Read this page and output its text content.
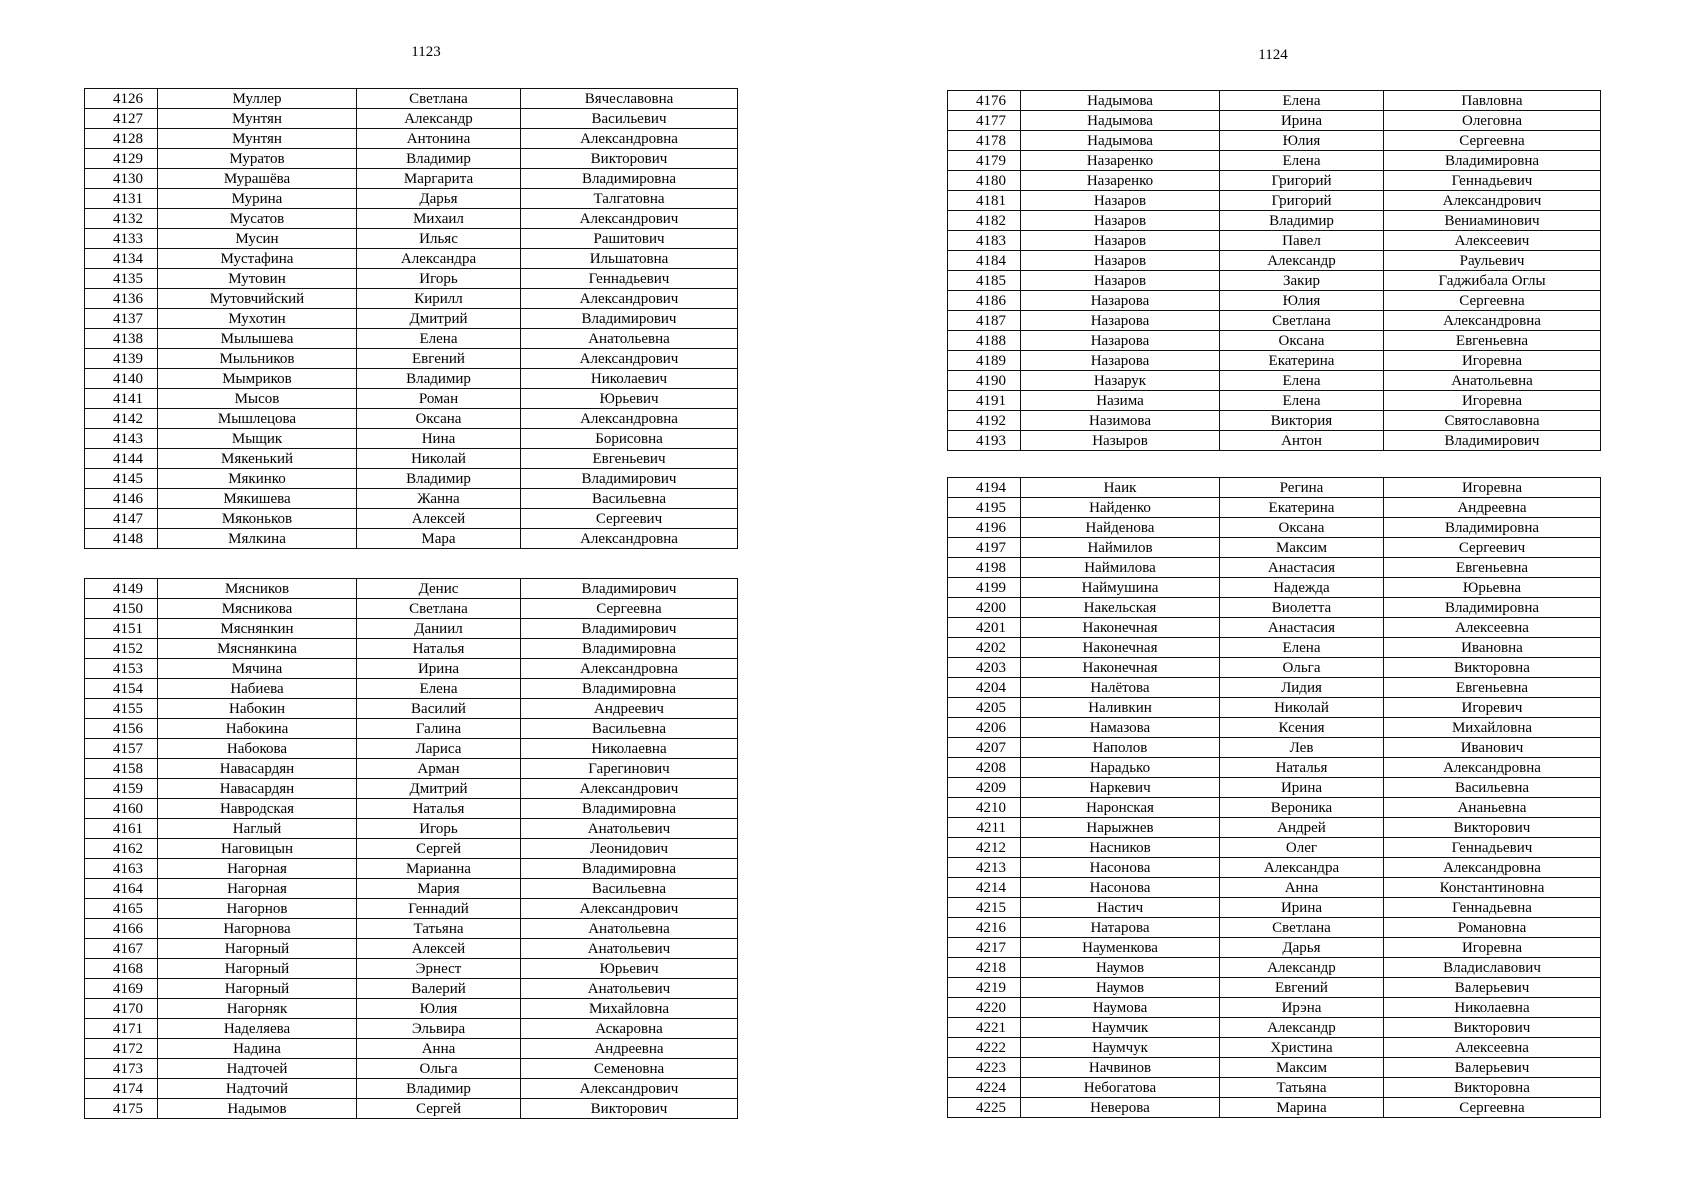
1123
4126	Муллер	Светлана	Вячеславовна
4127	Мунтян	Александр	Васильевич
4128	Мунтян	Антонина	Александровна
4129	Муратов	Владимир	Викторович
4130	Мурашёва	Маргарита	Владимировна
4131	Мурина	Дарья	Талгатовна
4132	Мусатов	Михаил	Александрович
4133	Мусин	Ильяс	Рашитович
4134	Мустафина	Александра	Ильшатовна
4135	Мутовин	Игорь	Геннадьевич
4136	Мутовчийский	Кирилл	Александрович
4137	Мухотин	Дмитрий	Владимирович
4138	Мылышева	Елена	Анатольевна
4139	Мыльников	Евгений	Александрович
4140	Мымриков	Владимир	Николаевич
4141	Мысов	Роман	Юрьевич
4142	Мышлецова	Оксана	Александровна
4143	Мыщик	Нина	Борисовна
4144	Мякенький	Николай	Евгеньевич
4145	Мякинко	Владимир	Владимирович
4146	Мякишева	Жанна	Васильевна
4147	Мяконьков	Алексей	Сергеевич
4148	Мялкина	Мара	Александровна
4149	Мясников	Денис	Владимирович
4150	Мясникова	Светлана	Сергеевна
4151	Мяснянкин	Даниил	Владимирович
4152	Мяснянкина	Наталья	Владимировна
4153	Мячина	Ирина	Александровна
4154	Набиева	Елена	Владимировна
4155	Набокин	Василий	Андреевич
4156	Набокина	Галина	Васильевна
4157	Набокова	Лариса	Николаевна
4158	Навасардян	Арман	Гарегинович
4159	Навасардян	Дмитрий	Александрович
4160	Навродская	Наталья	Владимировна
4161	Наглый	Игорь	Анатольевич
4162	Наговицын	Сергей	Леонидович
4163	Нагорная	Марианна	Владимировна
4164	Нагорная	Мария	Васильевна
4165	Нагорнов	Геннадий	Александрович
4166	Нагорнова	Татьяна	Анатольевна
4167	Нагорный	Алексей	Анатольевич
4168	Нагорный	Эрнест	Юрьевич
4169	Нагорный	Валерий	Анатольевич
4170	Нагорняк	Юлия	Михайловна
4171	Наделяева	Эльвира	Аскаровна
4172	Надина	Анна	Андреевна
4173	Надточей	Ольга	Семеновна
4174	Надточий	Владимир	Александрович
4175	Надымов	Сергей	Викторович
1124
4176	Надымова	Елена	Павловна
4177	Надымова	Ирина	Олеговна
4178	Надымова	Юлия	Сергеевна
4179	Назаренко	Елена	Владимировна
4180	Назаренко	Григорий	Геннадьевич
4181	Назаров	Григорий	Александрович
4182	Назаров	Владимир	Вениаминович
4183	Назаров	Павел	Алексеевич
4184	Назаров	Александр	Раульевич
4185	Назаров	Закир	Гаджибала Оглы
4186	Назарова	Юлия	Сергеевна
4187	Назарова	Светлана	Александровна
4188	Назарова	Оксана	Евгеньевна
4189	Назарова	Екатерина	Игоревна
4190	Назарук	Елена	Анатольевна
4191	Назима	Елена	Игоревна
4192	Назимова	Виктория	Святославовна
4193	Назыров	Антон	Владимирович
4194	Наик	Регина	Игоревна
4195	Найденко	Екатерина	Андреевна
4196	Найденова	Оксана	Владимировна
4197	Наймилов	Максим	Сергеевич
4198	Наймилова	Анастасия	Евгеньевна
4199	Наймушина	Надежда	Юрьевна
4200	Накельская	Виолетта	Владимировна
4201	Наконечная	Анастасия	Алексеевна
4202	Наконечная	Елена	Ивановна
4203	Наконечная	Ольга	Викторовна
4204	Налётова	Лидия	Евгеньевна
4205	Наливкин	Николай	Игоревич
4206	Намазова	Ксения	Михайловна
4207	Наполов	Лев	Иванович
4208	Нарадько	Наталья	Александровна
4209	Наркевич	Ирина	Васильевна
4210	Наронская	Вероника	Ананьевна
4211	Нарыжнев	Андрей	Викторович
4212	Насников	Олег	Геннадьевич
4213	Насонова	Александра	Александровна
4214	Насонова	Анна	Константиновна
4215	Настич	Ирина	Геннадьевна
4216	Натарова	Светлана	Романовна
4217	Науменкова	Дарья	Игоревна
4218	Наумов	Александр	Владиславович
4219	Наумов	Евгений	Валерьевич
4220	Наумова	Ирэна	Николаевна
4221	Наумчик	Александр	Викторович
4222	Наумчук	Христина	Алексеевна
4223	Начвинов	Максим	Валерьевич
4224	Небогатова	Татьяна	Викторовна
4225	Неверова	Марина	Сергеевна
